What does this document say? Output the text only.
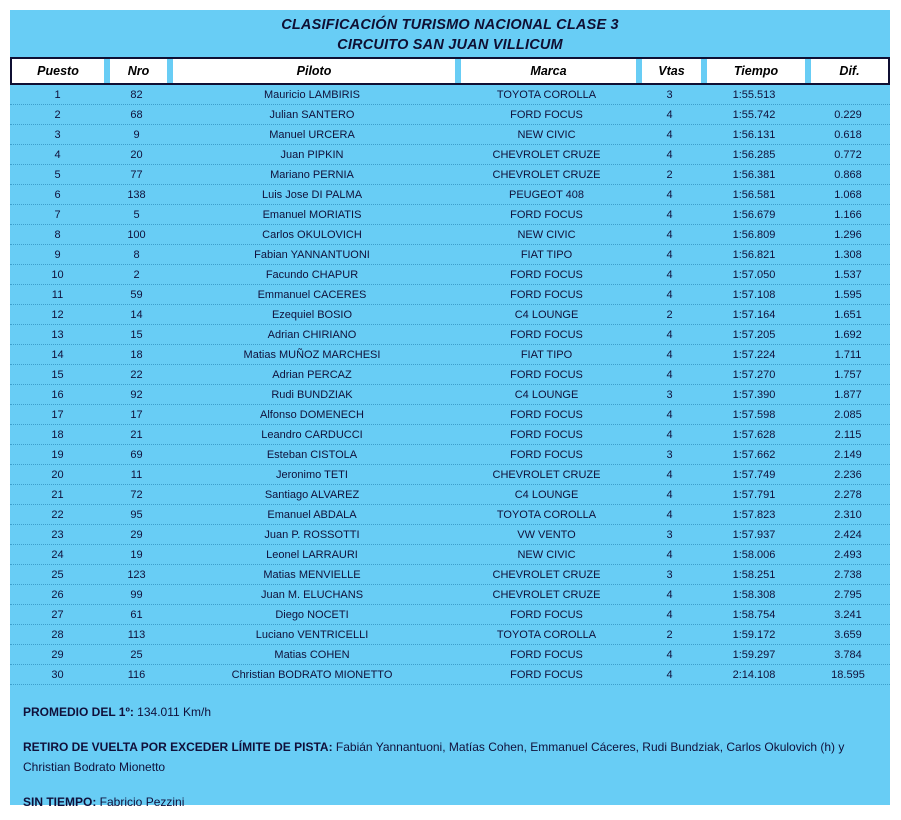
CLASIFICACIÓN TURISMO NACIONAL CLASE 3
CIRCUITO SAN JUAN VILLICUM
Puesto	Nro	Piloto	Marca	Vtas	Tiempo	Dif.
1	82	Mauricio LAMBIRIS	TOYOTA COROLLA	3	1:55.513
2	68	Julian SANTERO	FORD FOCUS	4	1:55.742	0.229
3	9	Manuel URCERA	NEW CIVIC	4	1:56.131	0.618
4	20	Juan PIPKIN	CHEVROLET CRUZE	4	1:56.285	0.772
5	77	Mariano PERNIA	CHEVROLET CRUZE	2	1:56.381	0.868
6	138	Luis Jose DI PALMA	PEUGEOT 408	4	1:56.581	1.068
7	5	Emanuel MORIATIS	FORD FOCUS	4	1:56.679	1.166
8	100	Carlos OKULOVICH	NEW CIVIC	4	1:56.809	1.296
9	8	Fabian YANNANTUONI	FIAT TIPO	4	1:56.821	1.308
10	2	Facundo CHAPUR	FORD FOCUS	4	1:57.050	1.537
11	59	Emmanuel CACERES	FORD FOCUS	4	1:57.108	1.595
12	14	Ezequiel BOSIO	C4 LOUNGE	2	1:57.164	1.651
13	15	Adrian CHIRIANO	FORD FOCUS	4	1:57.205	1.692
14	18	Matias MUÑOZ MARCHESI	FIAT TIPO	4	1:57.224	1.711
15	22	Adrian PERCAZ	FORD FOCUS	4	1:57.270	1.757
16	92	Rudi BUNDZIAK	C4 LOUNGE	3	1:57.390	1.877
17	17	Alfonso DOMENECH	FORD FOCUS	4	1:57.598	2.085
18	21	Leandro CARDUCCI	FORD FOCUS	4	1:57.628	2.115
19	69	Esteban CISTOLA	FORD FOCUS	3	1:57.662	2.149
20	11	Jeronimo TETI	CHEVROLET CRUZE	4	1:57.749	2.236
21	72	Santiago ALVAREZ	C4 LOUNGE	4	1:57.791	2.278
22	95	Emanuel ABDALA	TOYOTA COROLLA	4	1:57.823	2.310
23	29	Juan P. ROSSOTTI	VW VENTO	3	1:57.937	2.424
24	19	Leonel LARRAURI	NEW CIVIC	4	1:58.006	2.493
25	123	Matias MENVIELLE	CHEVROLET CRUZE	3	1:58.251	2.738
26	99	Juan M. ELUCHANS	CHEVROLET CRUZE	4	1:58.308	2.795
27	61	Diego NOCETI	FORD FOCUS	4	1:58.754	3.241
28	113	Luciano VENTRICELLI	TOYOTA COROLLA	2	1:59.172	3.659
29	25	Matias COHEN	FORD FOCUS	4	1:59.297	3.784
30	116	Christian BODRATO MIONETTO	FORD FOCUS	4	2:14.108	18.595

PROMEDIO DEL 1º: 134.011 Km/h

RETIRO DE VUELTA POR EXCEDER LÍMITE DE PISTA: Fabián Yannantuoni, Matías Cohen, Emmanuel Cáceres, Rudi Bundziak, Carlos Okulovich (h) y Christian Bodrato Mionetto

SIN TIEMPO: Fabricio Pezzini
